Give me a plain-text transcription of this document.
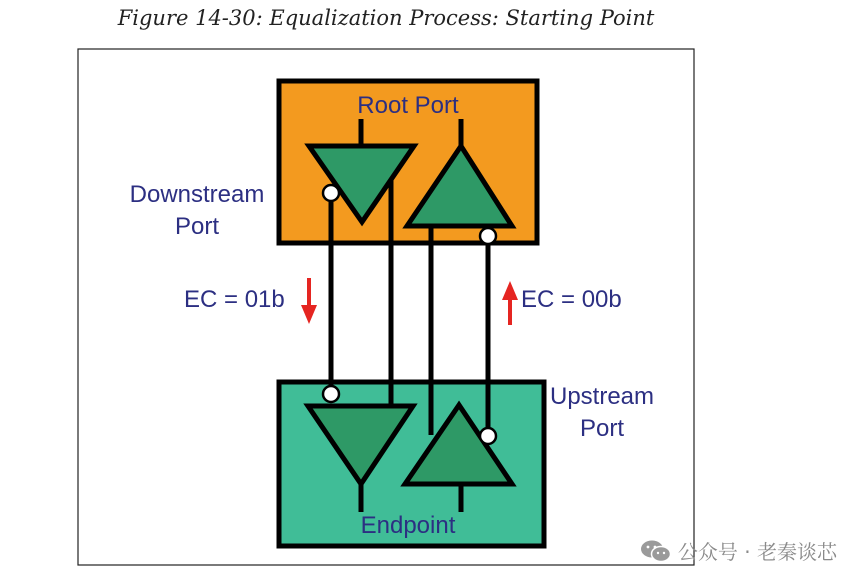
Figure 14-30: Equalization Process: Starting Point
Root Port
Downstream
Port
EC = 01b	EC = 00b
Upstream
Port
Endpoint
公众号 · 老秦谈芯
